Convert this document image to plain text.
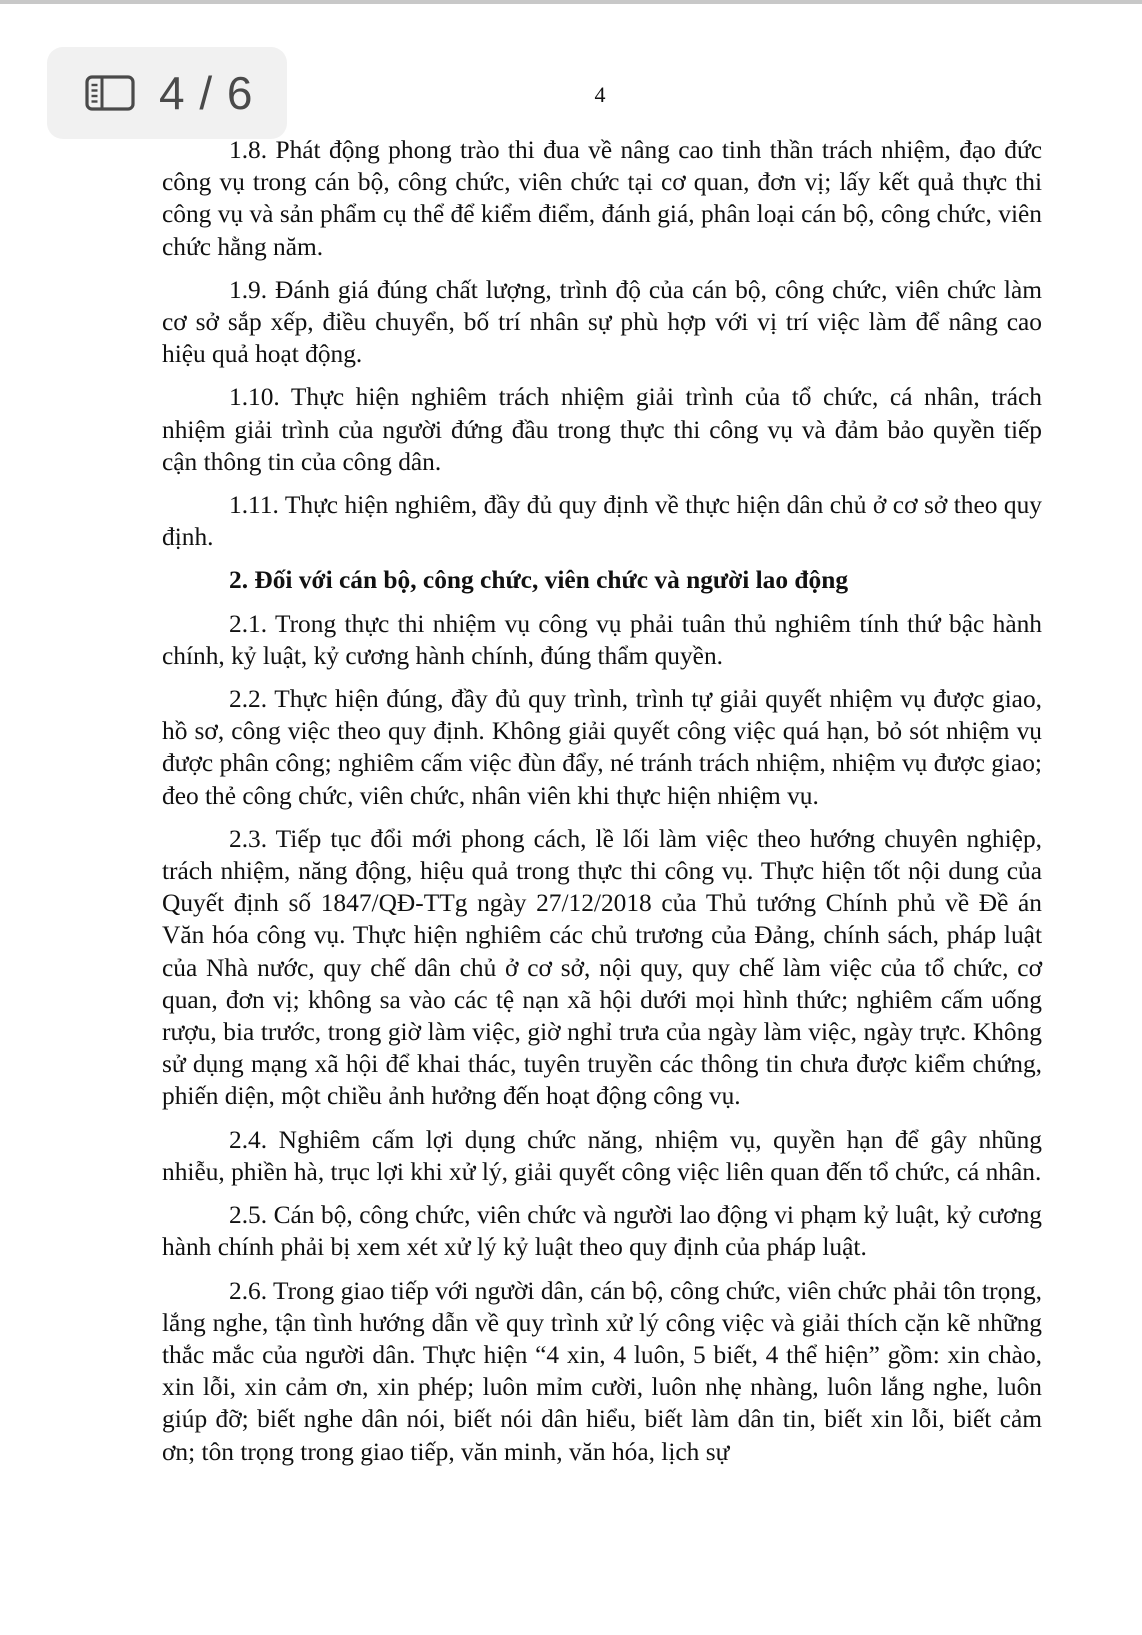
4 / 6	4

1.8. Phát động phong trào thi đua về nâng cao tinh thần trách nhiệm, đạo đức công vụ trong cán bộ, công chức, viên chức tại cơ quan, đơn vị; lấy kết quả thực thi công vụ và sản phẩm cụ thể để kiểm điểm, đánh giá, phân loại cán bộ, công chức, viên chức hằng năm.

1.9. Đánh giá đúng chất lượng, trình độ của cán bộ, công chức, viên chức làm cơ sở sắp xếp, điều chuyển, bố trí nhân sự phù hợp với vị trí việc làm để nâng cao hiệu quả hoạt động.

1.10. Thực hiện nghiêm trách nhiệm giải trình của tổ chức, cá nhân, trách nhiệm giải trình của người đứng đầu trong thực thi công vụ và đảm bảo quyền tiếp cận thông tin của công dân.

1.11. Thực hiện nghiêm, đầy đủ quy định về thực hiện dân chủ ở cơ sở theo quy định.

2. Đối với cán bộ, công chức, viên chức và người lao động

2.1. Trong thực thi nhiệm vụ công vụ phải tuân thủ nghiêm tính thứ bậc hành chính, kỷ luật, kỷ cương hành chính, đúng thẩm quyền.

2.2. Thực hiện đúng, đầy đủ quy trình, trình tự giải quyết nhiệm vụ được giao, hồ sơ, công việc theo quy định. Không giải quyết công việc quá hạn, bỏ sót nhiệm vụ được phân công; nghiêm cấm việc đùn đẩy, né tránh trách nhiệm, nhiệm vụ được giao; đeo thẻ công chức, viên chức, nhân viên khi thực hiện nhiệm vụ.

2.3. Tiếp tục đổi mới phong cách, lề lối làm việc theo hướng chuyên nghiệp, trách nhiệm, năng động, hiệu quả trong thực thi công vụ. Thực hiện tốt nội dung của Quyết định số 1847/QĐ-TTg ngày 27/12/2018 của Thủ tướng Chính phủ về Đề án Văn hóa công vụ. Thực hiện nghiêm các chủ trương của Đảng, chính sách, pháp luật của Nhà nước, quy chế dân chủ ở cơ sở, nội quy, quy chế làm việc của tổ chức, cơ quan, đơn vị; không sa vào các tệ nạn xã hội dưới mọi hình thức; nghiêm cấm uống rượu, bia trước, trong giờ làm việc, giờ nghỉ trưa của ngày làm việc, ngày trực. Không sử dụng mạng xã hội để khai thác, tuyên truyền các thông tin chưa được kiểm chứng, phiến diện, một chiều ảnh hưởng đến hoạt động công vụ.

2.4. Nghiêm cấm lợi dụng chức năng, nhiệm vụ, quyền hạn để gây nhũng nhiễu, phiền hà, trục lợi khi xử lý, giải quyết công việc liên quan đến tổ chức, cá nhân.

2.5. Cán bộ, công chức, viên chức và người lao động vi phạm kỷ luật, kỷ cương hành chính phải bị xem xét xử lý kỷ luật theo quy định của pháp luật.

2.6. Trong giao tiếp với người dân, cán bộ, công chức, viên chức phải tôn trọng, lắng nghe, tận tình hướng dẫn về quy trình xử lý công việc và giải thích cặn kẽ những thắc mắc của người dân. Thực hiện “4 xin, 4 luôn, 5 biết, 4 thể hiện” gồm: xin chào, xin lỗi, xin cảm ơn, xin phép; luôn mỉm cười, luôn nhẹ nhàng, luôn lắng nghe, luôn giúp đỡ; biết nghe dân nói, biết nói dân hiểu, biết làm dân tin, biết xin lỗi, biết cảm ơn; tôn trọng trong giao tiếp, văn minh, văn hóa, lịch sự
